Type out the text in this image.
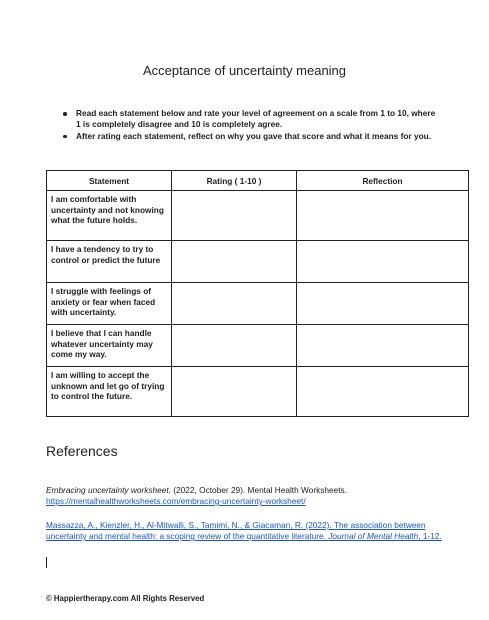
Acceptance of uncertainty meaning
Read each statement below and rate your level of agreement on a scale from 1 to 10, where 1 is completely disagree and 10 is completely agree.
After rating each statement, reflect on why you gave that score and what it means for you.
Statement	Rating ( 1-10 )	Reflection
I am comfortable with uncertainty and not knowing what the future holds.		
I have a tendency to try to control or predict the future		
I struggle with feelings of anxiety or fear when faced with uncertainty.		
I believe that I can handle whatever uncertainty may come my way.		
I am willing to accept the unknown and let go of trying to control the future.		
References
Embracing uncertainty worksheet. (2022, October 29). Mental Health Worksheets.
https://mentalhealthworksheets.com/embracing-uncertainty-worksheet/
Massazza, A., Kienzler, H., Al-Mitwalli, S., Tamimi, N., & Giacaman, R. (2022). The association between uncertainty and mental health: a scoping review of the quantitative literature. Journal of Mental Health, 1-12.
© Happiertherapy.com All Rights Reserved
